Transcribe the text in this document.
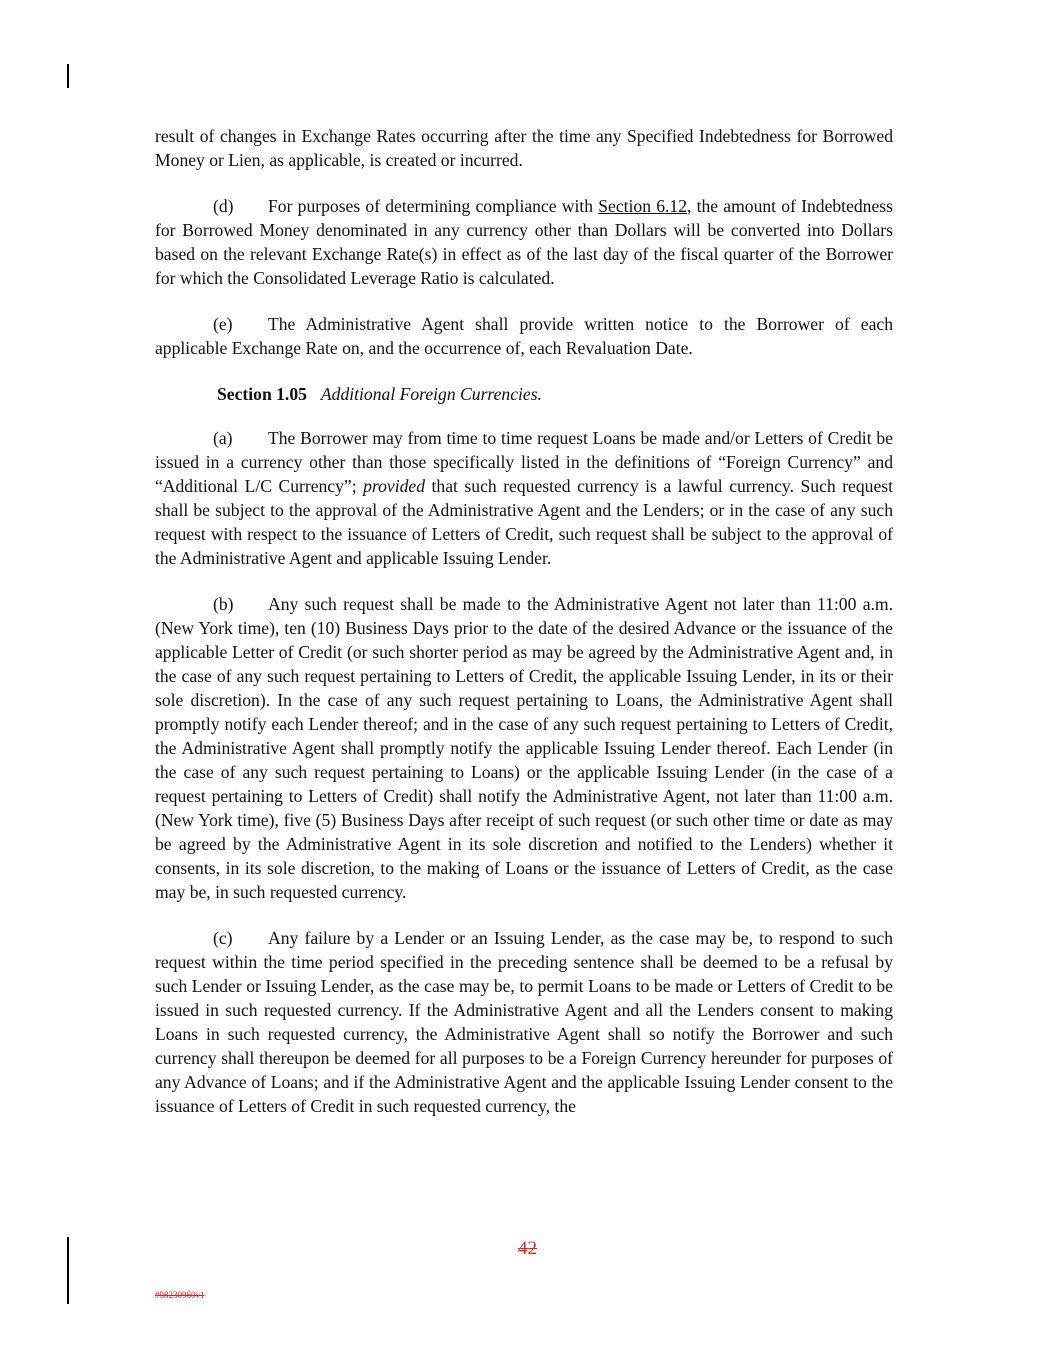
result of changes in Exchange Rates occurring after the time any Specified Indebtedness for Borrowed Money or Lien, as applicable, is created or incurred.

(d) For purposes of determining compliance with Section 6.12, the amount of Indebtedness for Borrowed Money denominated in any currency other than Dollars will be converted into Dollars based on the relevant Exchange Rate(s) in effect as of the last day of the fiscal quarter of the Borrower for which the Consolidated Leverage Ratio is calculated.

(e) The Administrative Agent shall provide written notice to the Borrower of each applicable Exchange Rate on, and the occurrence of, each Revaluation Date.

Section 1.05 Additional Foreign Currencies.

(a) The Borrower may from time to time request Loans be made and/or Letters of Credit be issued in a currency other than those specifically listed in the definitions of “Foreign Currency” and “Additional L/C Currency”; provided that such requested currency is a lawful currency. Such request shall be subject to the approval of the Administrative Agent and the Lenders; or in the case of any such request with respect to the issuance of Letters of Credit, such request shall be subject to the approval of the Administrative Agent and applicable Issuing Lender.

(b) Any such request shall be made to the Administrative Agent not later than 11:00 a.m. (New York time), ten (10) Business Days prior to the date of the desired Advance or the issuance of the applicable Letter of Credit (or such shorter period as may be agreed by the Administrative Agent and, in the case of any such request pertaining to Letters of Credit, the applicable Issuing Lender, in its or their sole discretion). In the case of any such request pertaining to Loans, the Administrative Agent shall promptly notify each Lender thereof; and in the case of any such request pertaining to Letters of Credit, the Administrative Agent shall promptly notify the applicable Issuing Lender thereof. Each Lender (in the case of any such request pertaining to Loans) or the applicable Issuing Lender (in the case of a request pertaining to Letters of Credit) shall notify the Administrative Agent, not later than 11:00 a.m. (New York time), five (5) Business Days after receipt of such request (or such other time or date as may be agreed by the Administrative Agent in its sole discretion and notified to the Lenders) whether it consents, in its sole discretion, to the making of Loans or the issuance of Letters of Credit, as the case may be, in such requested currency.

(c) Any failure by a Lender or an Issuing Lender, as the case may be, to respond to such request within the time period specified in the preceding sentence shall be deemed to be a refusal by such Lender or Issuing Lender, as the case may be, to permit Loans to be made or Letters of Credit to be issued in such requested currency. If the Administrative Agent and all the Lenders consent to making Loans in such requested currency, the Administrative Agent shall so notify the Borrower and such currency shall thereupon be deemed for all purposes to be a Foreign Currency hereunder for purposes of any Advance of Loans; and if the Administrative Agent and the applicable Issuing Lender consent to the issuance of Letters of Credit in such requested currency, the

42
#98230960v1
